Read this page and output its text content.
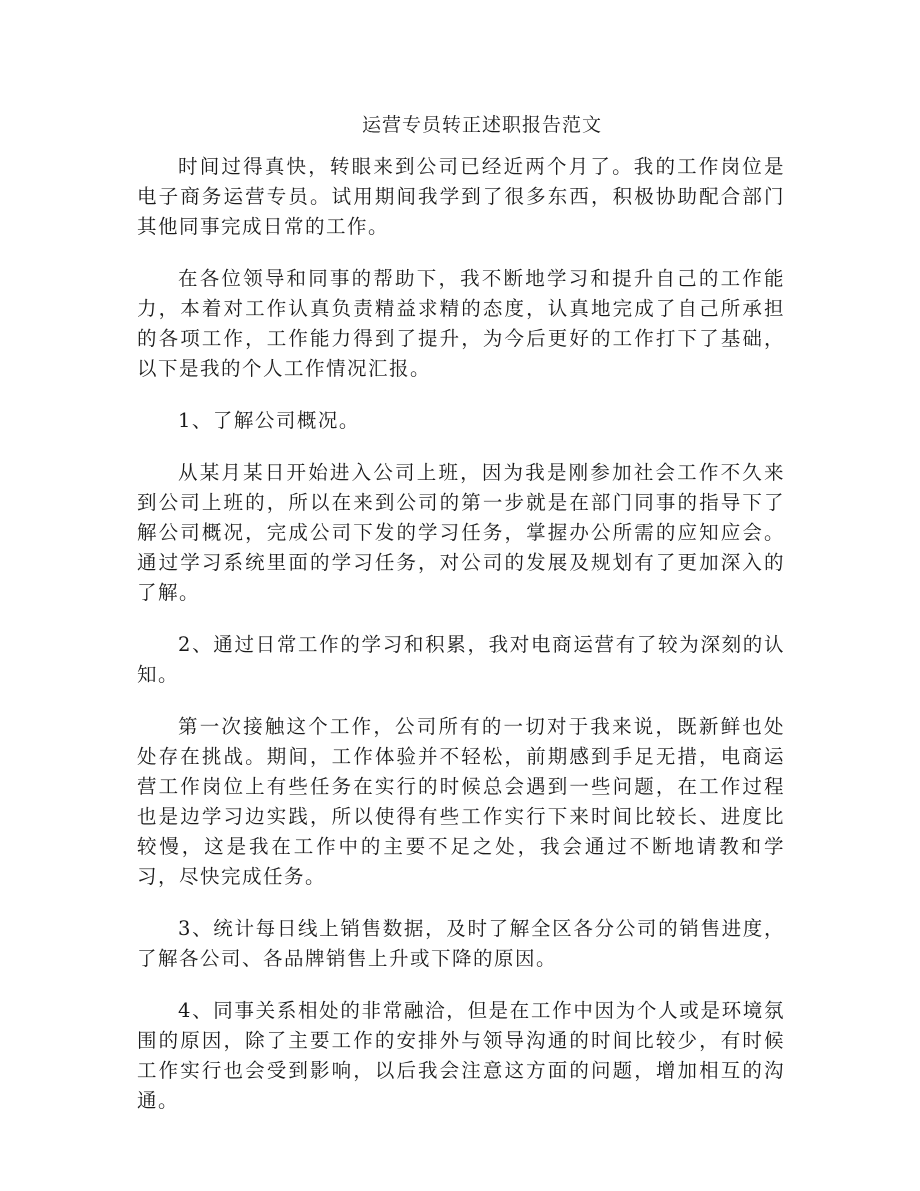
运营专员转正述职报告范文

时间过得真快，转眼来到公司已经近两个月了。我的工作岗位是电子商务运营专员。试用期间我学到了很多东西，积极协助配合部门其他同事完成日常的工作。

在各位领导和同事的帮助下，我不断地学习和提升自己的工作能力，本着对工作认真负责精益求精的态度，认真地完成了自己所承担的各项工作，工作能力得到了提升，为今后更好的工作打下了基础，以下是我的个人工作情况汇报。

1、了解公司概况。

从某月某日开始进入公司上班，因为我是刚参加社会工作不久来到公司上班的，所以在来到公司的第一步就是在部门同事的指导下了解公司概况，完成公司下发的学习任务，掌握办公所需的应知应会。通过学习系统里面的学习任务，对公司的发展及规划有了更加深入的了解。

2、通过日常工作的学习和积累，我对电商运营有了较为深刻的认知。

第一次接触这个工作，公司所有的一切对于我来说，既新鲜也处处存在挑战。期间，工作体验并不轻松，前期感到手足无措，电商运营工作岗位上有些任务在实行的时候总会遇到一些问题，在工作过程也是边学习边实践，所以使得有些工作实行下来时间比较长、进度比较慢，这是我在工作中的主要不足之处，我会通过不断地请教和学习，尽快完成任务。

3、统计每日线上销售数据，及时了解全区各分公司的销售进度，了解各公司、各品牌销售上升或下降的原因。

4、同事关系相处的非常融洽，但是在工作中因为个人或是环境氛围的原因，除了主要工作的安排外与领导沟通的时间比较少，有时候工作实行也会受到影响，以后我会注意这方面的问题，增加相互的沟通。
